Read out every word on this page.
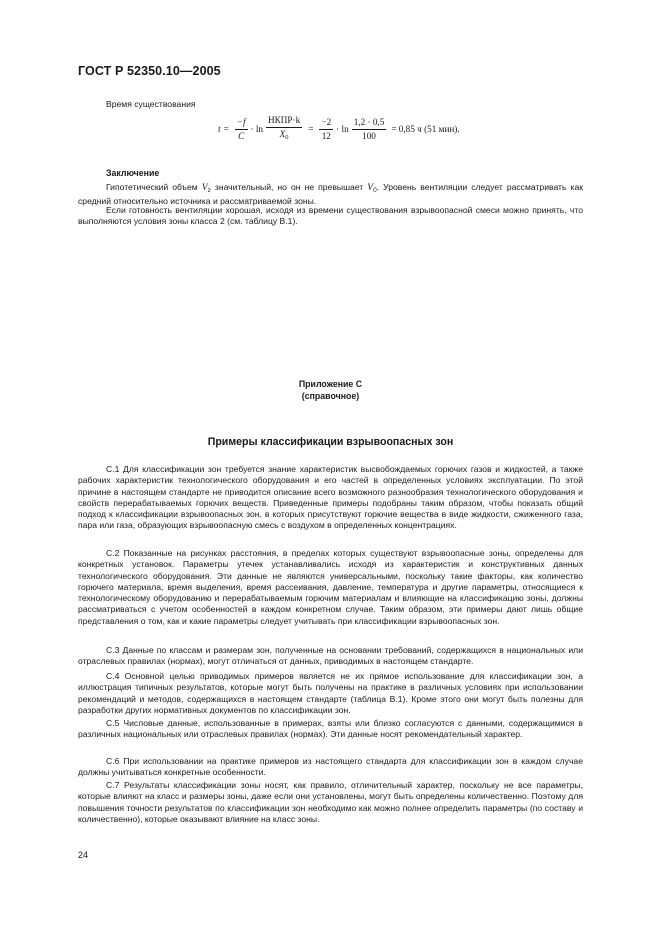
ГОСТ Р 52350.10—2005
Время существования
$t = \frac{-f}{C} \cdot \ln \frac{\text{HКПР·k}}{X_0} = \frac{-2}{12} \cdot \ln \frac{1,2 \cdot 0,5}{100} = 0,85$ ч (51 мин).
Заключение
Гипотетический объем $V_z$ значительный, но он не превышает $V_0$. Уровень вентиляции следует рассматривать как средний относительно источника и рассматриваемой зоны.
Если готовность вентиляции хорошая, исходя из времени существования взрывоопасной смеси можно принять, что выполняются условия зоны класса 2 (см. таблицу В.1).
Приложение С
(справочное)
Примеры классификации взрывоопасных зон
С.1 Для классификации зон требуется знание характеристик высвобождаемых горючих газов и жидкостей, а также рабочих характеристик технологического оборудования и его частей в определенных условиях эксплуатации. По этой причине в настоящем стандарте не приводится описание всего возможного разнообразия технологического оборудования и свойств перерабатываемых горючих веществ. Приведенные примеры подобраны таким образом, чтобы показать общий подход к классификации взрывоопасных зон, в которых присутствуют горючие вещества в виде жидкости, сжиженного газа, пара или газа, образующих взрывоопасную смесь с воздухом в определенных концентрациях.
С.2 Показанные на рисунках расстояния, в пределах которых существуют взрывоопасные зоны, определены для конкретных установок. Параметры утечек устанавливались исходя из характеристик и конструктивных данных технологического оборудования. Эти данные не являются универсальными, поскольку такие факторы, как количество горючего материала, время выделения, время рассеивания, давление, температура и другие параметры, относящиеся к технологическому оборудованию и перерабатываемым горючим материалам и влияющие на классификацию зоны, должны рассматриваться с учетом особенностей в каждом конкретном случае. Таким образом, эти примеры дают лишь общие представления о том, как и какие параметры следует учитывать при классификации взрывоопасных зон.
С.3 Данные по классам и размерам зон, полученные на основании требований, содержащихся в национальных или отраслевых правилах (нормах), могут отличаться от данных, приводимых в настоящем стандарте.
С.4 Основной целью приводимых примеров является не их прямое использование для классификации зон, а иллюстрация типичных результатов, которые могут быть получены на практике в различных условиях при использовании рекомендаций и методов, содержащихся в настоящем стандарте (таблица В.1). Кроме этого они могут быть полезны для разработки других нормативных документов по классификации зон.
С.5 Числовые данные, использованные в примерах, взяты или близко согласуются с данными, содержащимися в различных национальных или отраслевых правилах (нормах). Эти данные носят рекомендательный характер.
С.6 При использовании на практике примеров из настоящего стандарта для классификации зон в каждом случае должны учитываться конкретные особенности.
С.7 Результаты классификации зоны носят, как правило, отличительный характер, поскольку не все параметры, которые влияют на класс и размеры зоны, даже если они установлены, могут быть определены количественно. Поэтому для повышения точности результатов по классификации зон необходимо как можно полнее определить параметры (по составу и количественно), которые оказывают влияние на класс зоны.
24
